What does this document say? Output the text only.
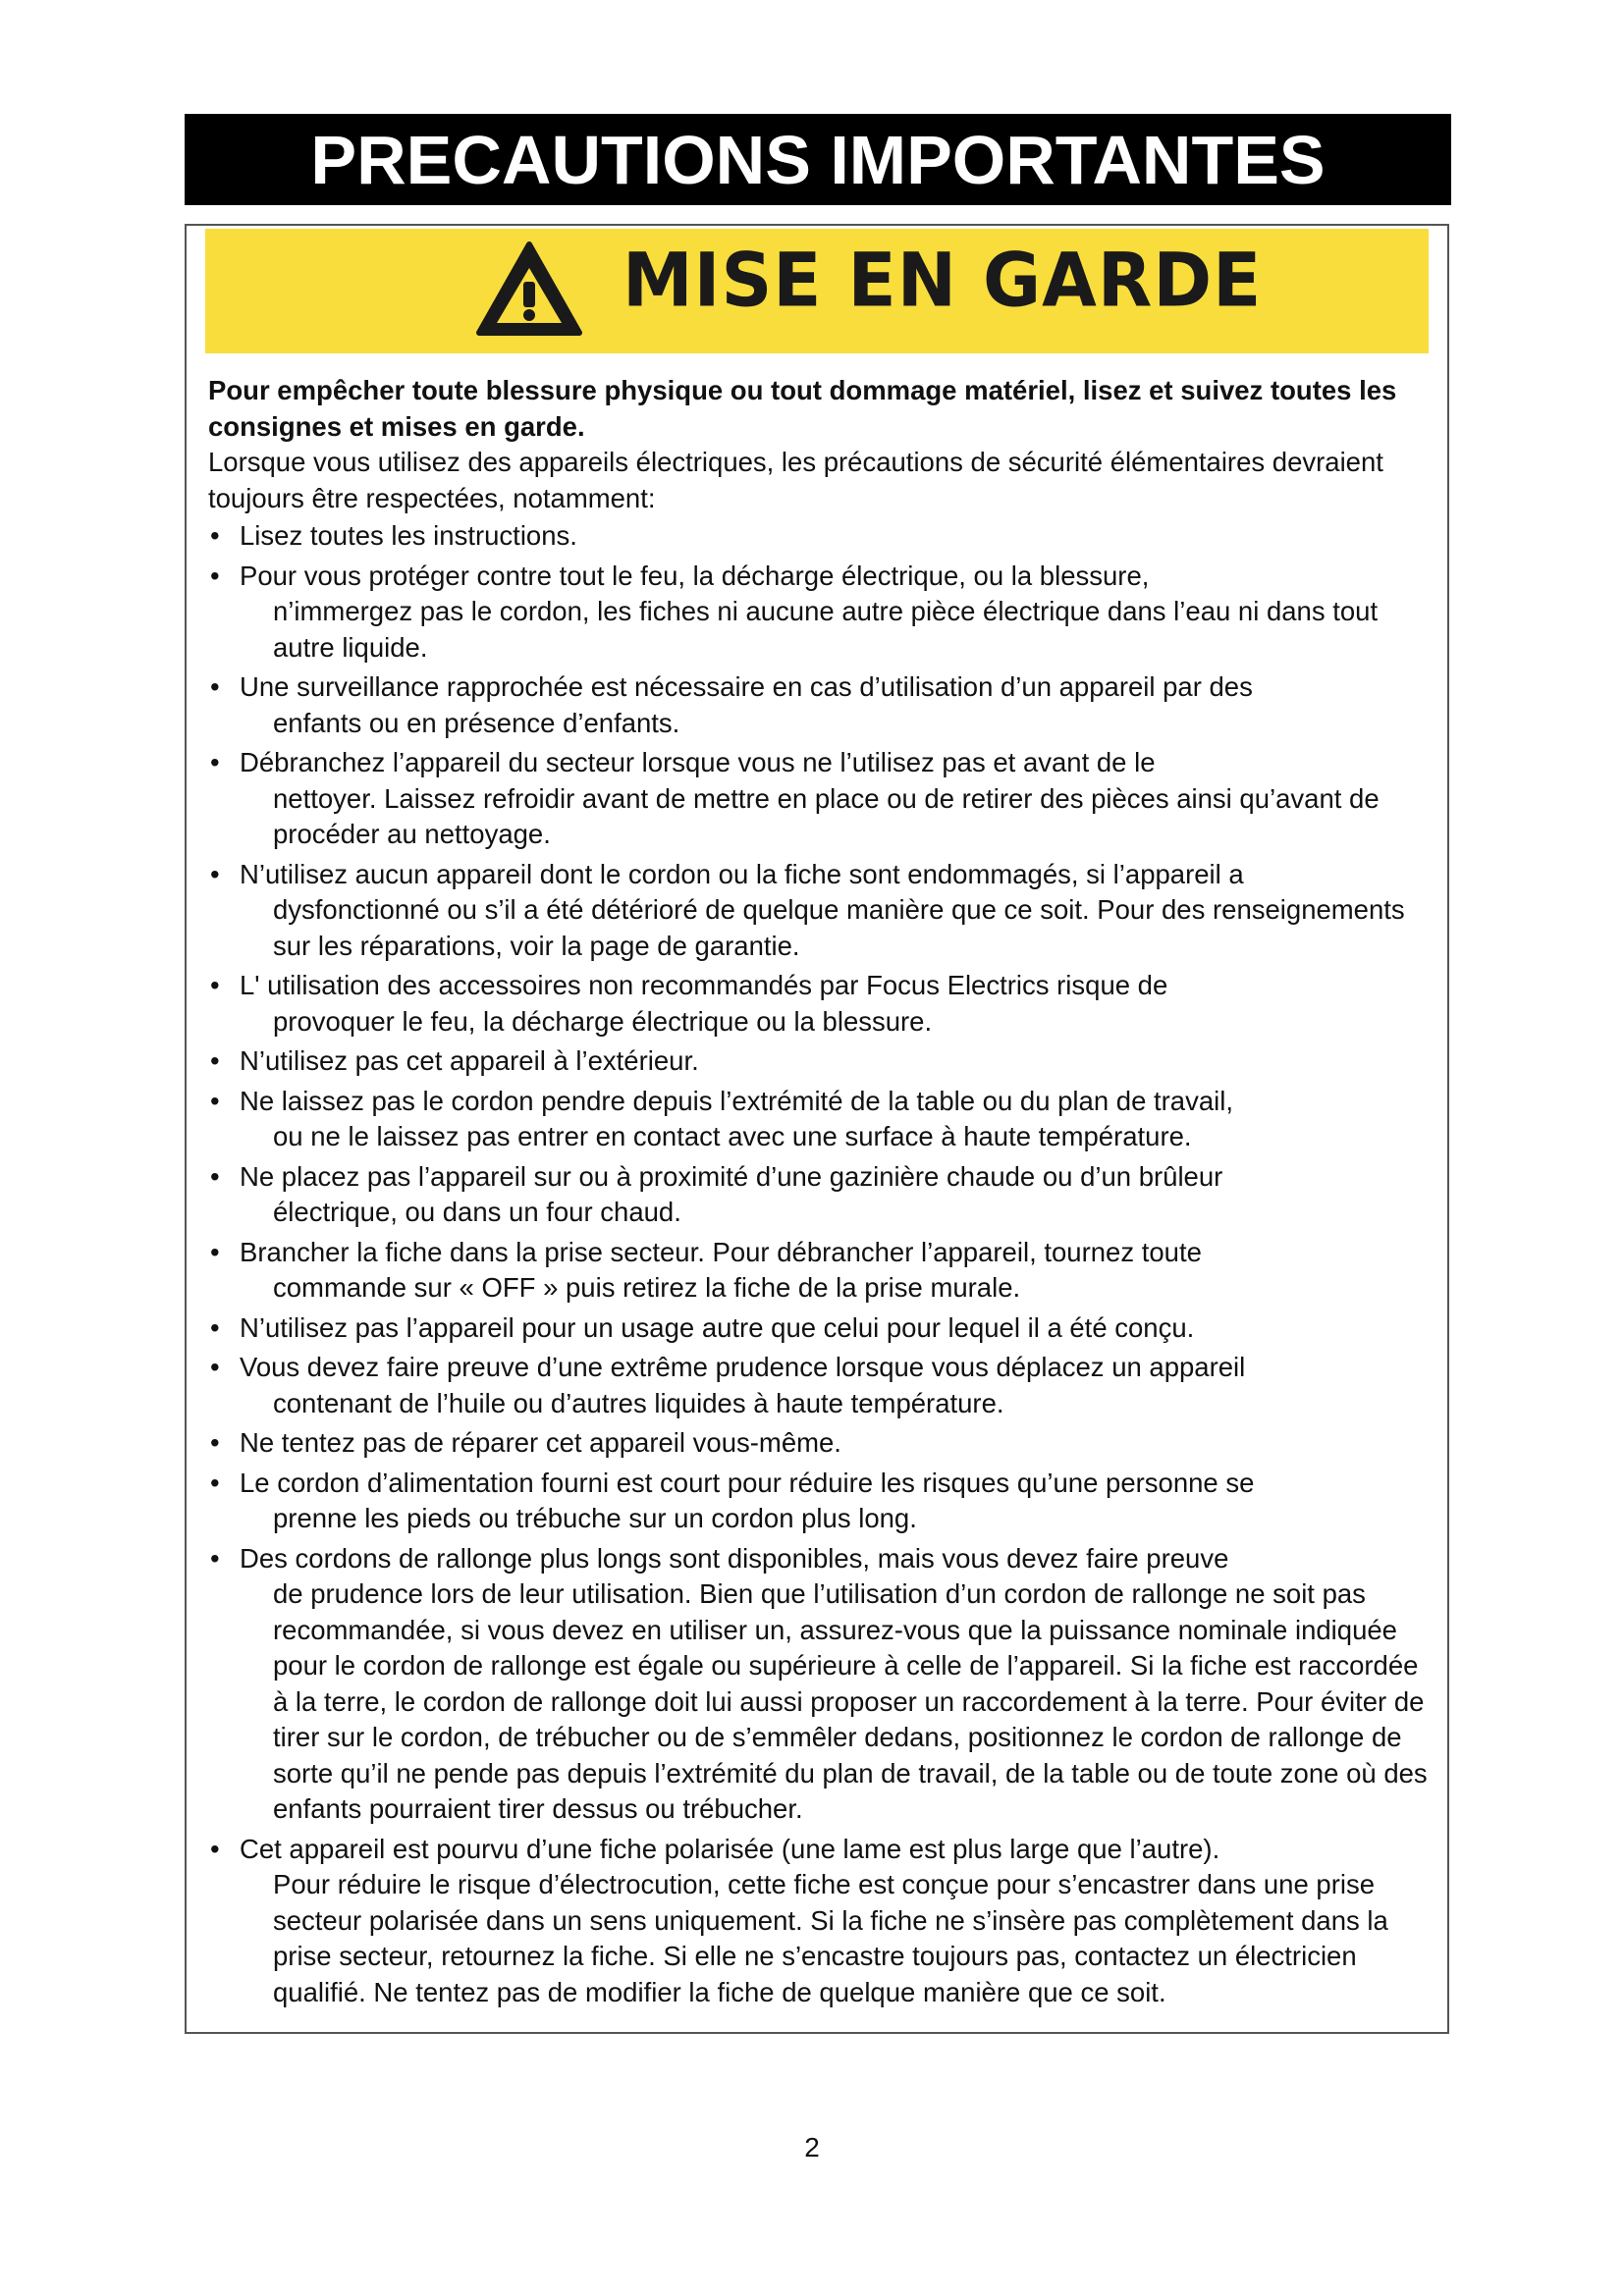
PRECAUTIONS IMPORTANTES
MISE EN GARDE

Pour empêcher toute blessure physique ou tout dommage matériel, lisez et suivez toutes les consignes et mises en garde.

Lorsque vous utilisez des appareils électriques, les précautions de sécurité élémentaires devraient toujours être respectées, notamment:

• Lisez toutes les instructions.
• Pour vous protéger contre tout le feu, la décharge électrique, ou la blessure,
n’immergez pas le cordon, les fiches ni aucune autre pièce électrique dans l’eau ni dans tout autre liquide.
• Une surveillance rapprochée est nécessaire en cas d’utilisation d’un appareil par des
enfants ou en présence d’enfants.
• Débranchez l’appareil du secteur lorsque vous ne l’utilisez pas et avant de le
nettoyer. Laissez refroidir avant de mettre en place ou de retirer des pièces ainsi qu’avant de procéder au nettoyage.
• N’utilisez aucun appareil dont le cordon ou la fiche sont endommagés, si l’appareil a
dysfonctionné ou s’il a été détérioré de quelque manière que ce soit. Pour des renseignements sur les réparations, voir la page de garantie.
• L' utilisation des accessoires non recommandés par Focus Electrics risque de
provoquer le feu, la décharge électrique ou la blessure.
• N’utilisez pas cet appareil à l’extérieur.
• Ne laissez pas le cordon pendre depuis l’extrémité de la table ou du plan de travail,
ou ne le laissez pas entrer en contact avec une surface à haute température.
• Ne placez pas l’appareil sur ou à proximité d’une gazinière chaude ou d’un brûleur
électrique, ou dans un four chaud.
• Brancher la fiche dans la prise secteur. Pour débrancher l’appareil, tournez toute
commande sur « OFF » puis retirez la fiche de la prise murale.
• N’utilisez pas l’appareil pour un usage autre que celui pour lequel il a été conçu.
• Vous devez faire preuve d’une extrême prudence lorsque vous déplacez un appareil
contenant de l’huile ou d’autres liquides à haute température.
• Ne tentez pas de réparer cet appareil vous-même.
• Le cordon d’alimentation fourni est court pour réduire les risques qu’une personne se
prenne les pieds ou trébuche sur un cordon plus long.
• Des cordons de rallonge plus longs sont disponibles, mais vous devez faire preuve
de prudence lors de leur utilisation. Bien que l’utilisation d’un cordon de rallonge ne soit pas recommandée, si vous devez en utiliser un, assurez-vous que la puissance nominale indiquée pour le cordon de rallonge est égale ou supérieure à celle de l’appareil. Si la fiche est raccordée à la terre, le cordon de rallonge doit lui aussi proposer un raccordement à la terre. Pour éviter de tirer sur le cordon, de trébucher ou de s’emmêler dedans, positionnez le cordon de rallonge de sorte qu’il ne pende pas depuis l’extrémité du plan de travail, de la table ou de toute zone où des enfants pourraient tirer dessus ou trébucher.
• Cet appareil est pourvu d’une fiche polarisée (une lame est plus large que l’autre).
Pour réduire le risque d’électrocution, cette fiche est conçue pour s’encastrer dans une prise secteur polarisée dans un sens uniquement. Si la fiche ne s’insère pas complètement dans la prise secteur, retournez la fiche. Si elle ne s’encastre toujours pas, contactez un électricien qualifié. Ne tentez pas de modifier la fiche de quelque manière que ce soit.
2
